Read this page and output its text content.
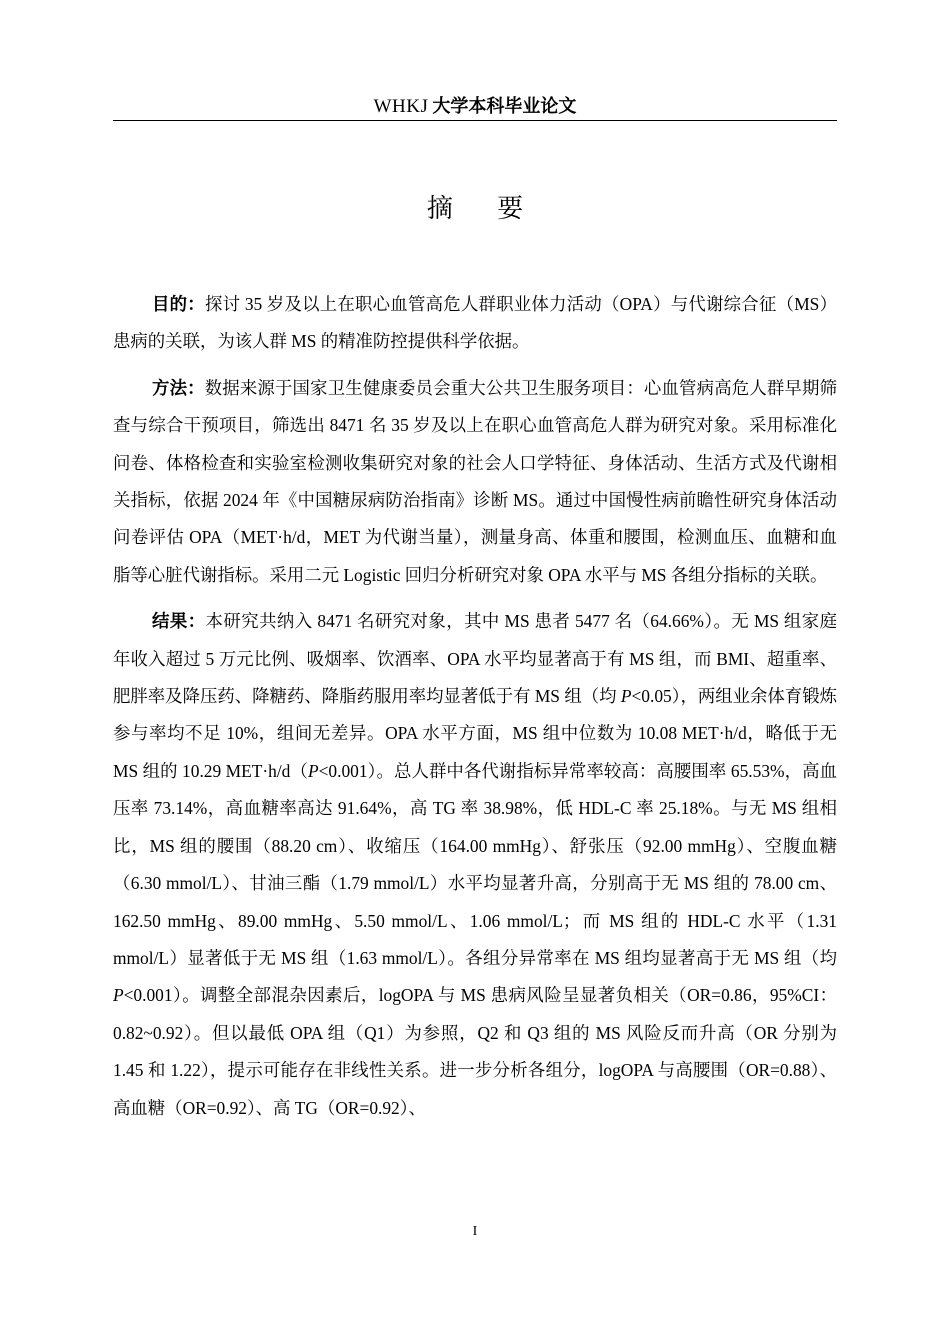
WHKJ 大学本科毕业论文
摘 要

目的：探讨 35 岁及以上在职心血管高危人群职业体力活动（OPA）与代谢综合征（MS）患病的关联，为该人群 MS 的精准防控提供科学依据。

方法：数据来源于国家卫生健康委员会重大公共卫生服务项目：心血管病高危人群早期筛查与综合干预项目，筛选出 8471 名 35 岁及以上在职心血管高危人群为研究对象。采用标准化问卷、体格检查和实验室检测收集研究对象的社会人口学特征、身体活动、生活方式及代谢相关指标，依据 2024 年《中国糖尿病防治指南》诊断 MS。通过中国慢性病前瞻性研究身体活动问卷评估 OPA（MET·h/d，MET 为代谢当量），测量身高、体重和腰围，检测血压、血糖和血脂等心脏代谢指标。采用二元 Logistic 回归分析研究对象 OPA 水平与 MS 各组分指标的关联。

结果：本研究共纳入 8471 名研究对象，其中 MS 患者 5477 名（64.66%）。无 MS 组家庭年收入超过 5 万元比例、吸烟率、饮酒率、OPA 水平均显著高于有 MS 组，而 BMI、超重率、肥胖率及降压药、降糖药、降脂药服用率均显著低于有 MS 组（均 P<0.05），两组业余体育锻炼参与率均不足 10%，组间无差异。OPA 水平方面，MS 组中位数为 10.08 MET·h/d，略低于无 MS 组的 10.29 MET·h/d（P<0.001）。总人群中各代谢指标异常率较高：高腰围率 65.53%，高血压率 73.14%，高血糖率高达 91.64%，高 TG 率 38.98%，低 HDL-C 率 25.18%。与无 MS 组相比，MS 组的腰围（88.20 cm）、收缩压（164.00 mmHg）、舒张压（92.00 mmHg）、空腹血糖（6.30 mmol/L）、甘油三酯（1.79 mmol/L）水平均显著升高，分别高于无 MS 组的 78.00 cm、162.50 mmHg、89.00 mmHg、5.50 mmol/L、1.06 mmol/L；而 MS 组的 HDL-C 水平（1.31 mmol/L）显著低于无 MS 组（1.63 mmol/L）。各组分异常率在 MS 组均显著高于无 MS 组（均 P<0.001）。调整全部混杂因素后，logOPA 与 MS 患病风险呈显著负相关（OR=0.86，95%CI： 0.82~0.92）。但以最低 OPA 组（Q1）为参照，Q2 和 Q3 组的 MS 风险反而升高（OR 分别为 1.45 和 1.22），提示可能存在非线性关系。进一步分析各组分，logOPA 与高腰围（OR=0.88）、高血糖（OR=0.92）、高 TG（OR=0.92）、

I
